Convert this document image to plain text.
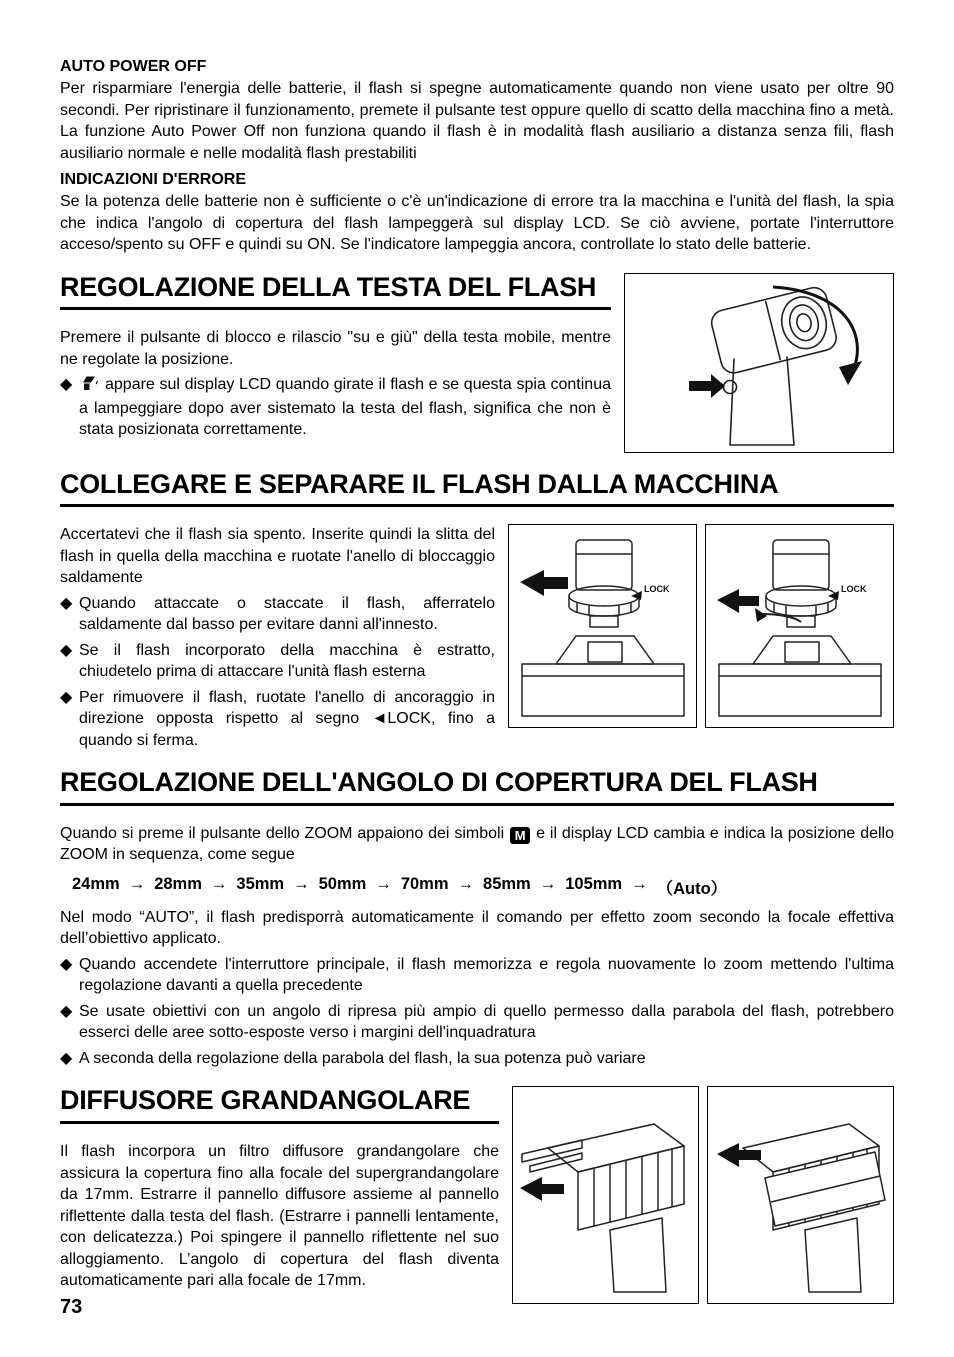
AUTO POWER OFF

Per risparmiare l'energia delle batterie, il flash si spegne automaticamente quando non viene usato per oltre 90 secondi. Per ripristinare il funzionamento, premete il pulsante test oppure quello di scatto della macchina fino a metà. La funzione Auto Power Off non funziona quando il flash è in modalità flash ausiliario a distanza senza fili, flash ausiliario normale e nelle modalità flash prestabiliti

INDICAZIONI D'ERRORE

Se la potenza delle batterie non è sufficiente o c'è un'indicazione di errore tra la macchina e l'unità del flash, la spia che indica l'angolo di copertura del flash lampeggerà sul display LCD. Se ciò avviene, portate l'interruttore acceso/spento su OFF e quindi su ON. Se l'indicatore lampeggia ancora, controllate lo stato delle batterie.

REGOLAZIONE DELLA TESTA DEL FLASH

Premere il pulsante di blocco e rilascio "su e giù" della testa mobile, mentre ne regolate la posizione.

◆	appare sul display LCD quando girate il flash e se questa spia continua a lampeggiare dopo aver sistemato la testa del flash, significa che non è stata posizionata correttamente.
COLLEGARE E SEPARARE IL FLASH DALLA MACCHINA

Accertatevi che il flash sia spento. Inserite quindi la slitta del flash in quella della macchina e ruotate l'anello di bloccaggio saldamente

◆ Quando attaccate o staccate il flash, afferratelo saldamente dal basso per evitare danni all'innesto.
◆ Se il flash incorporato della macchina è estratto, chiudetelo prima di attaccare l'unità flash esterna
◆ Per rimuovere il flash, ruotate l'anello di ancoraggio in direzione opposta rispetto al segno ◄LOCK, fino a quando si ferma.
LOCK	LOCK
REGOLAZIONE DELL'ANGOLO DI COPERTURA DEL FLASH

Quando si preme il pulsante dello ZOOM appaiono dei simboli M e il display LCD cambia e indica la posizione dello ZOOM in sequenza, come segue

24mm → 28mm → 35mm → 50mm → 70mm → 85mm → 105mm → （Auto）

Nel modo “AUTO”, il flash predisporrà automaticamente il comando per effetto zoom secondo la focale effettiva dell’obiettivo applicato.

◆ Quando accendete l'interruttore principale, il flash memorizza e regola nuovamente lo zoom mettendo l'ultima regolazione davanti a quella precedente
◆ Se usate obiettivi con un angolo di ripresa più ampio di quello permesso dalla parabola del flash, potrebbero esserci delle aree sotto-esposte verso i margini dell'inquadratura
◆ A seconda della regolazione della parabola del flash, la sua potenza può variare
DIFFUSORE GRANDANGOLARE

Il flash incorpora un filtro diffusore grandangolare che assicura la copertura fino alla focale del supergrandangolare da 17mm. Estrarre il pannello diffusore assieme al pannello riflettente dalla testa del flash. (Estrarre i pannelli lentamente, con delicatezza.) Poi spingere il pannello riflettente nel suo alloggiamento. L’angolo di copertura del flash diventa automaticamente pari alla focale de 17mm.

73
